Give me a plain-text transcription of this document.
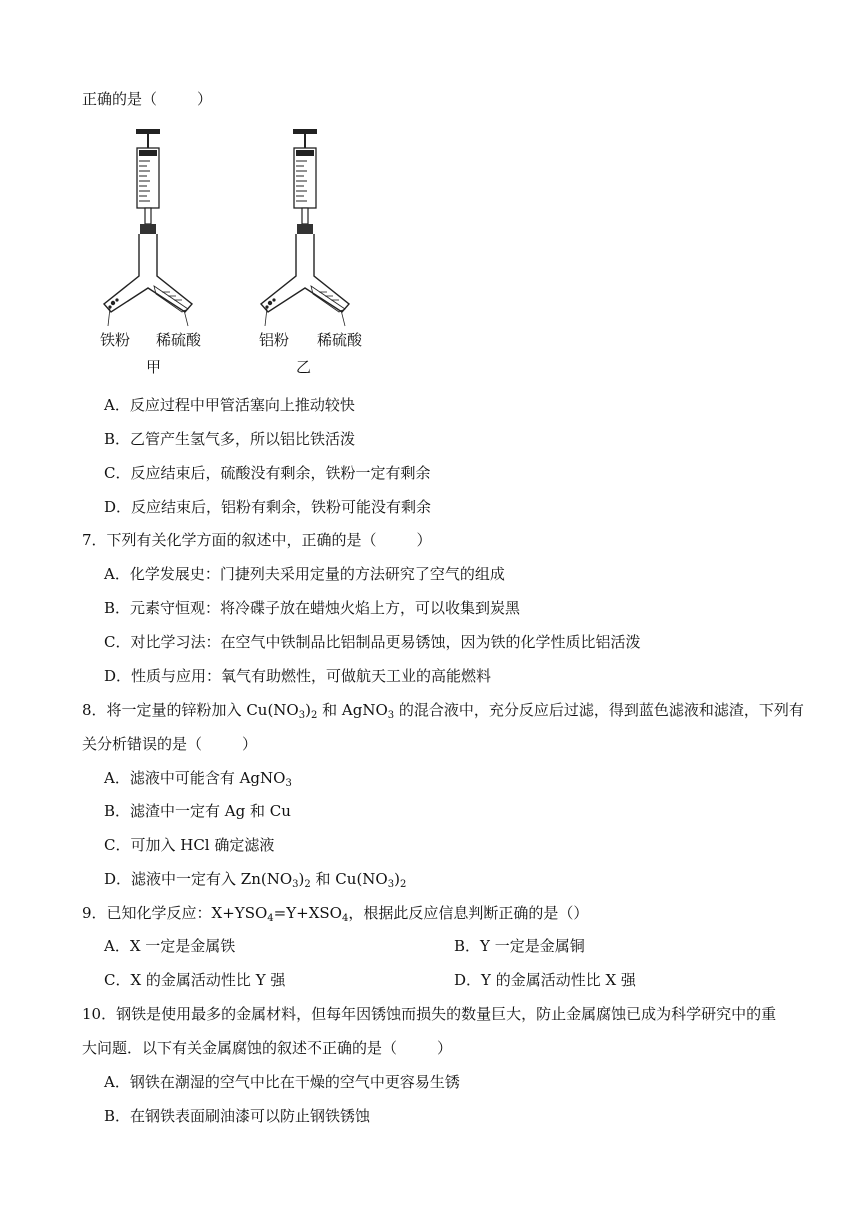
正确的是（	）
铁粉 稀硫酸
甲
铝粉 稀硫酸
乙
A．反应过程中甲管活塞向上推动较快
B．乙管产生氢气多，所以铝比铁活泼
C．反应结束后，硫酸没有剩余，铁粉一定有剩余
D．反应结束后，铝粉有剩余，铁粉可能没有剩余
7．下列有关化学方面的叙述中，正确的是（	）
A．化学发展史：门捷列夫采用定量的方法研究了空气的组成
B．元素守恒观：将冷碟子放在蜡烛火焰上方，可以收集到炭黑
C．对比学习法：在空气中铁制品比铝制品更易锈蚀，因为铁的化学性质比铝活泼
D．性质与应用：氧气有助燃性，可做航天工业的高能燃料
8．将一定量的锌粉加入 $Cu(NO_3)_2$ 和 AgNO$_3$ 的混合液中，充分反应后过滤，得到蓝色滤液和滤渣，下列有
关分析错误的是（	）
A．滤液中可能含有 AgNO$_3$
B．滤渣中一定有 Ag 和 Cu
C．可加入 HCl 确定滤液
D．滤液中一定有入 $Zn(NO_3)_2$ 和 $Cu(NO_3)_2$
9．已知化学反应：$X+YSO_4=Y+XSO_4$，根据此反应信息判断正确的是（）
A．X 一定是金属铁	B．Y 一定是金属铜
C．X 的金属活动性比 Y 强	D．Y 的金属活动性比 X 强
10．钢铁是使用最多的金属材料，但每年因锈蚀而损失的数量巨大，防止金属腐蚀已成为科学研究中的重
大问题．以下有关金属腐蚀的叙述不正确的是（	）
A．钢铁在潮湿的空气中比在干燥的空气中更容易生锈
B．在钢铁表面刷油漆可以防止钢铁锈蚀
